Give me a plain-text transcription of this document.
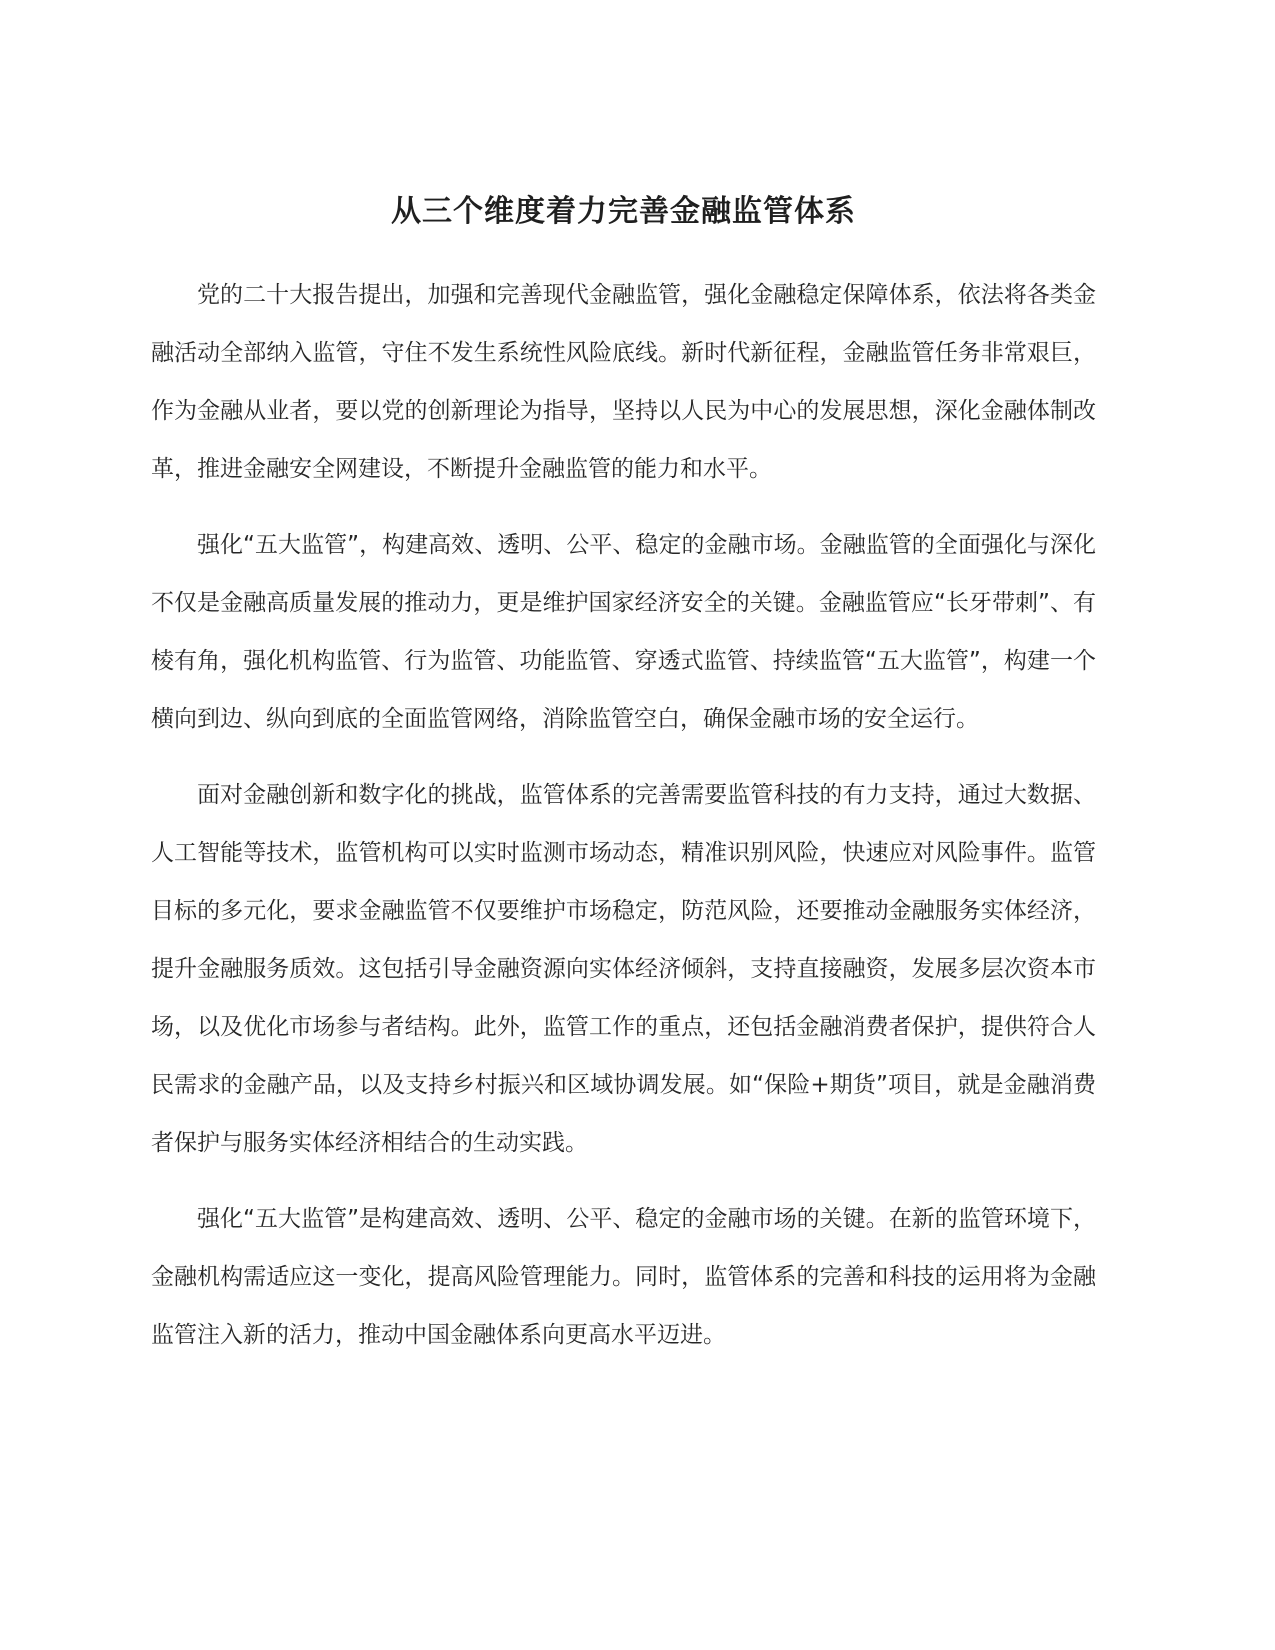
从三个维度着力完善金融监管体系

党的二十大报告提出，加强和完善现代金融监管，强化金融稳定保障体系，依法将各类金融活动全部纳入监管，守住不发生系统性风险底线。新时代新征程，金融监管任务非常艰巨，作为金融从业者，要以党的创新理论为指导，坚持以人民为中心的发展思想，深化金融体制改革，推进金融安全网建设，不断提升金融监管的能力和水平。

强化“五大监管”，构建高效、透明、公平、稳定的金融市场。金融监管的全面强化与深化不仅是金融高质量发展的推动力，更是维护国家经济安全的关键。金融监管应“长牙带刺”、有棱有角，强化机构监管、行为监管、功能监管、穿透式监管、持续监管“五大监管”，构建一个横向到边、纵向到底的全面监管网络，消除监管空白，确保金融市场的安全运行。

面对金融创新和数字化的挑战，监管体系的完善需要监管科技的有力支持，通过大数据、人工智能等技术，监管机构可以实时监测市场动态，精准识别风险，快速应对风险事件。监管目标的多元化，要求金融监管不仅要维护市场稳定，防范风险，还要推动金融服务实体经济，提升金融服务质效。这包括引导金融资源向实体经济倾斜，支持直接融资，发展多层次资本市场，以及优化市场参与者结构。此外，监管工作的重点，还包括金融消费者保护，提供符合人民需求的金融产品，以及支持乡村振兴和区域协调发展。如“保险+期货”项目，就是金融消费者保护与服务实体经济相结合的生动实践。

强化“五大监管”是构建高效、透明、公平、稳定的金融市场的关键。在新的监管环境下，金融机构需适应这一变化，提高风险管理能力。同时，监管体系的完善和科技的运用将为金融监管注入新的活力，推动中国金融体系向更高水平迈进。
